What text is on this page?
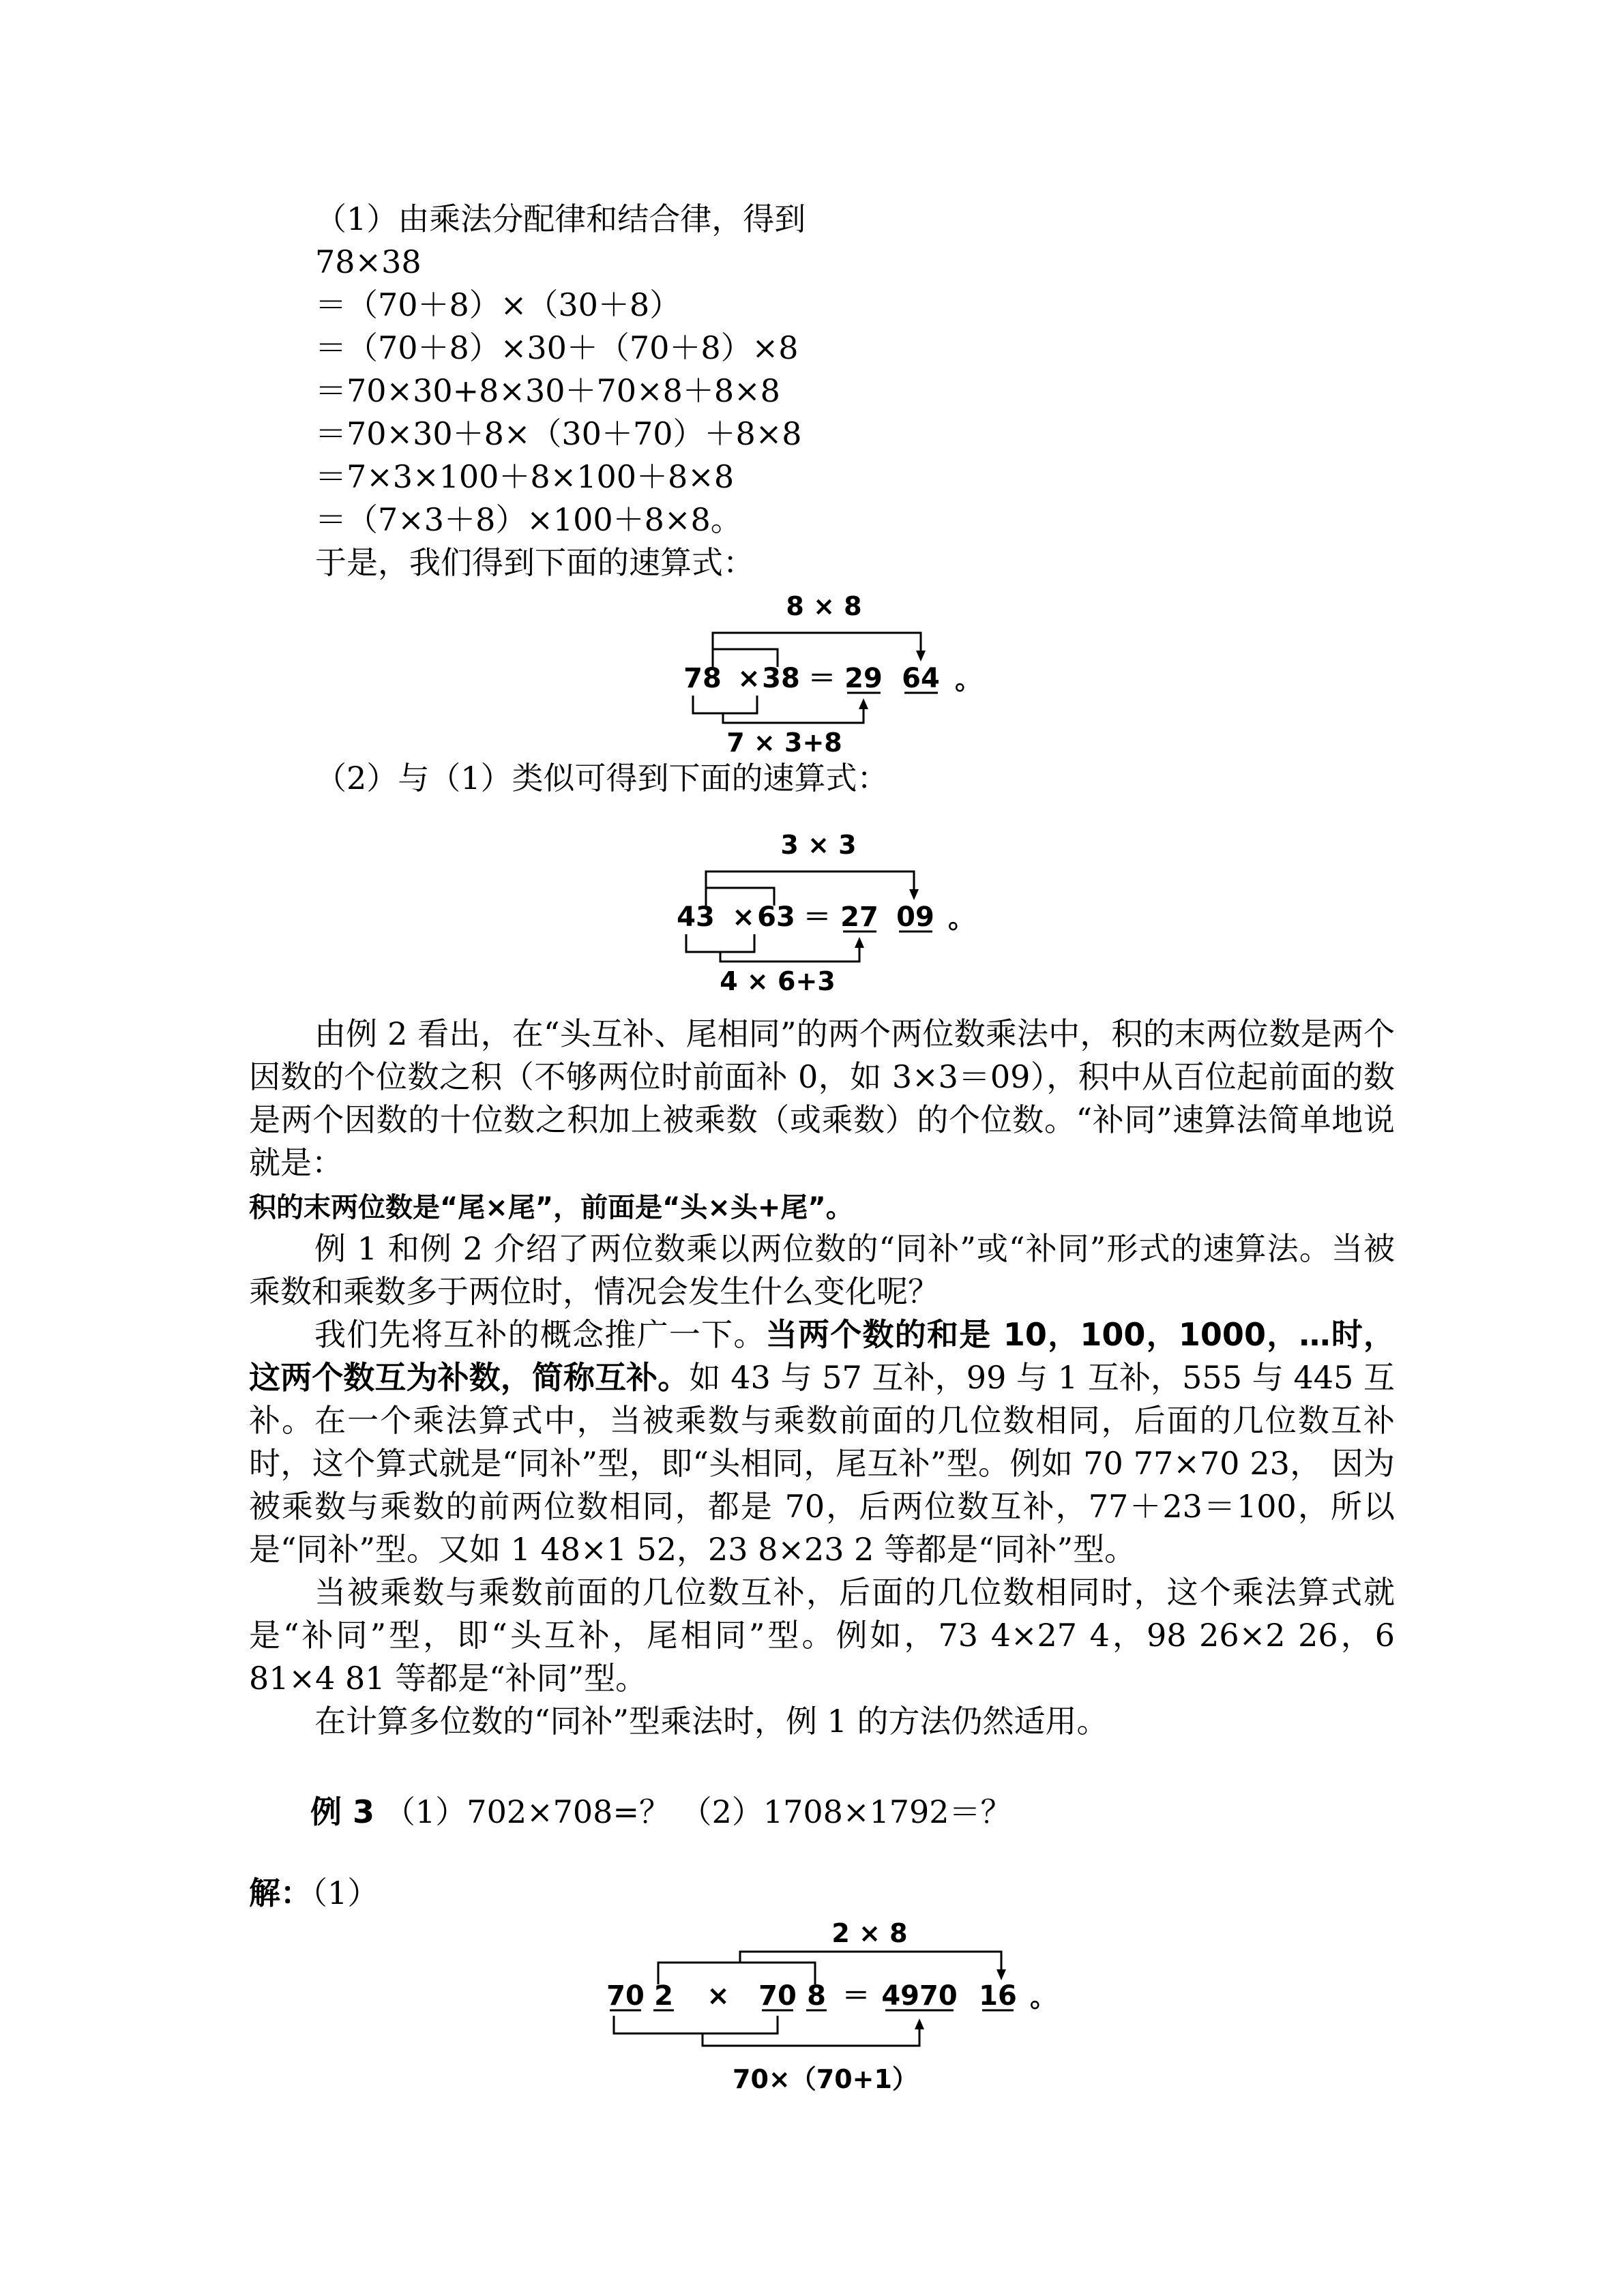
（1）由乘法分配律和结合律，得到
78×38
＝（70＋8）×（30＋8）
＝（70＋8）×30＋（70＋8）×8
＝70×30+8×30＋70×8＋8×8
＝70×30＋8×（30＋70）＋8×8
＝7×3×100＋8×100＋8×8
＝（7×3＋8）×100＋8×8。
于是，我们得到下面的速算式：
8 × 8
78 × 38 ＝ 29 64 。
7 × 3+8
（2）与（1）类似可得到下面的速算式：
3 × 3
43 × 63 ＝ 27 09 。
4 × 6+3
由例 2 看出，在“头互补、尾相同”的两个两位数乘法中，积的末两位数是两个因数的个位数之积（不够两位时前面补 0，如 3×3＝09），积中从百位起前面的数是两个因数的十位数之积加上被乘数（或乘数）的个位数。“补同”速算法简单地说就是：
积的末两位数是“尾×尾”，前面是“头×头+尾”。
例 1 和例 2 介绍了两位数乘以两位数的“同补”或“补同”形式的速算法。当被乘数和乘数多于两位时，情况会发生什么变化呢？
我们先将互补的概念推广一下。当两个数的和是 10，100，1000，…时，这两个数互为补数，简称互补。如 43 与 57 互补，99 与 1 互补，555 与 445 互补。在一个乘法算式中，当被乘数与乘数前面的几位数相同，后面的几位数互补时，这个算式就是“同补”型，即“头相同，尾互补”型。例如 70 77×70 23， 因为被乘数与乘数的前两位数相同，都是 70，后两位数互补，77＋23＝100，所以是“同补”型。又如 1 48×1 52，23 8×23 2 等都是“同补”型。
当被乘数与乘数前面的几位数互补，后面的几位数相同时，这个乘法算式就是“补同”型，即“头互补，尾相同”型。例如，73 4×27 4，98 26×2 26，6 81×4 81 等都是“补同”型。
在计算多位数的“同补”型乘法时，例 1 的方法仍然适用。
例 3 （1）702×708=？ （2）1708×1792＝？
解：（1）
2 × 8
70 2 × 70 8 ＝ 4970 16 。
70×（70+1）
